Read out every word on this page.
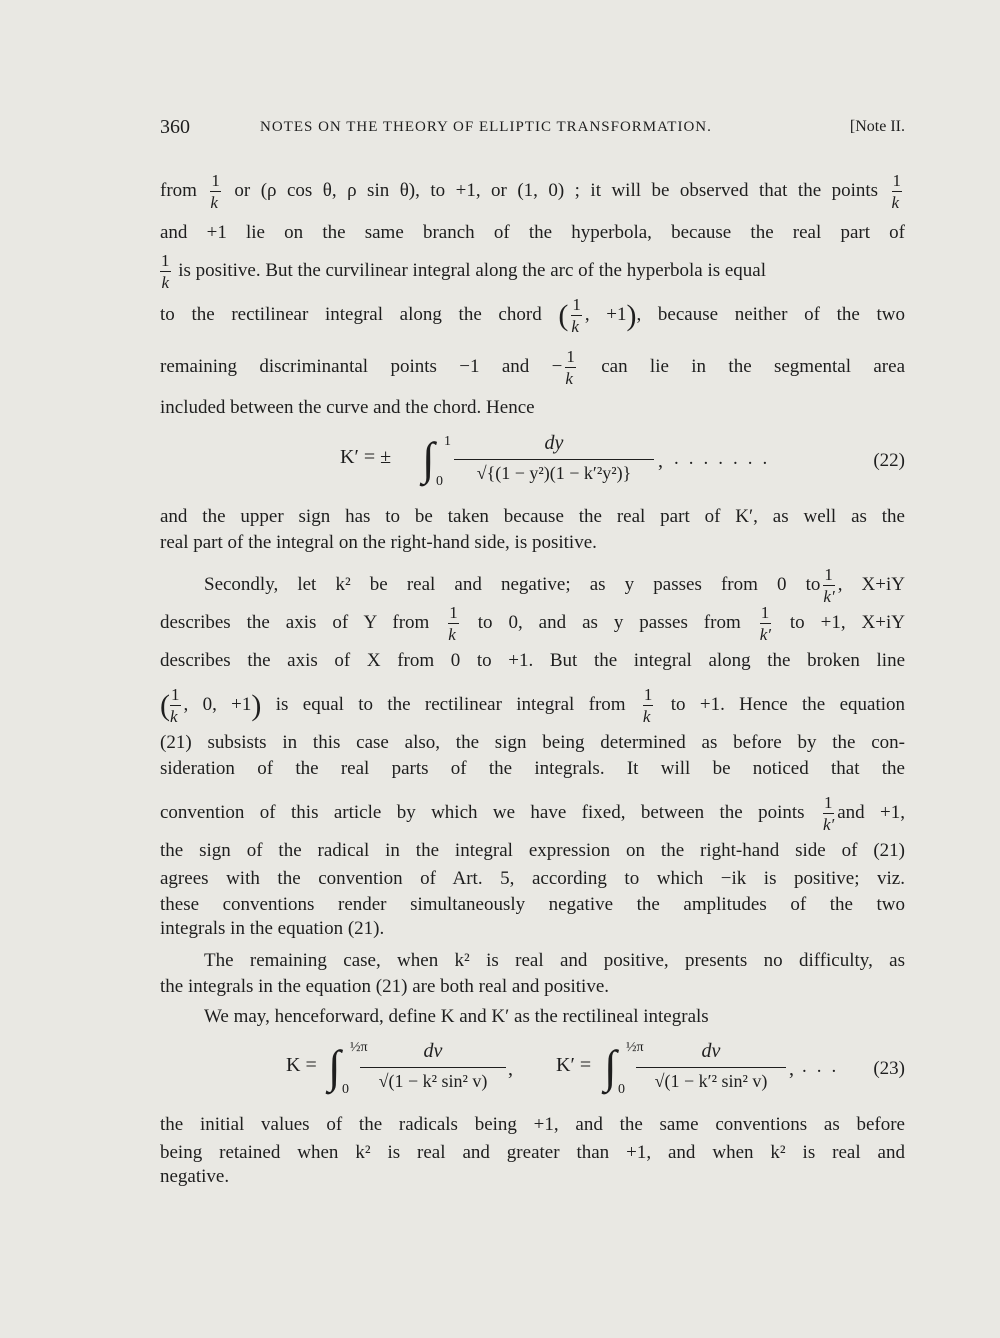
360	NOTES ON THE THEORY OF ELLIPTIC TRANSFORMATION.	[Note II.
from $\frac{1}{k}$ or (ρ cos θ, ρ sin θ), to +1, or (1, 0) ; it will be observed that the points $\frac{1}{k}$
and +1 lie on the same branch of the hyperbola, because the real part of
$\frac{1}{k}$ is positive. But the curvilinear integral along the arc of the hyperbola is equal
to the rectilinear integral along the chord ( $\frac{1}{k}$ , +1), because neither of the two
remaining discriminantal points −1 and − $\frac{1}{k}$ can lie in the segmental area
included between the curve and the chord. Hence
K′ = ± ∫ 1
0
dy
√{(1 − y²)(1 − k′²y²)}
, .......	(22)
and the upper sign has to be taken because the real part of K′, as well as the
real part of the integral on the right-hand side, is positive.
Secondly, let k² be real and negative; as y passes from 0 to $\frac{1}{k'}$ , X+iY
describes the axis of Y from $\frac{1}{k}$ to 0, and as y passes from $\frac{1}{k'}$ to +1, X+iY
describes the axis of X from 0 to +1. But the integral along the broken line
( $\frac{1}{k}$ , 0, +1) is equal to the rectilinear integral from $\frac{1}{k}$ to +1. Hence the equation
(21) subsists in this case also, the sign being determined as before by the con-
sideration of the real parts of the integrals. It will be noticed that the
convention of this article by which we have fixed, between the points $\frac{1}{k'}$ and +1,
the sign of the radical in the integral expression on the right-hand side of (21)
agrees with the convention of Art. 5, according to which −ik is positive; viz.
these conventions render simultaneously negative the amplitudes of the two
integrals in the equation (21).
The remaining case, when k² is real and positive, presents no difficulty, as
the integrals in the equation (21) are both real and positive.
We may, henceforward, define K and K′ as the rectilineal integrals
K = ∫ ½π
0
dv
√(1 − k² sin² v)
, K′ = ∫ ½π
0
dv
√(1 − k′² sin² v)
, ... (23)
the initial values of the radicals being +1, and the same conventions as before
being retained when k² is real and greater than +1, and when k² is real and
negative.
